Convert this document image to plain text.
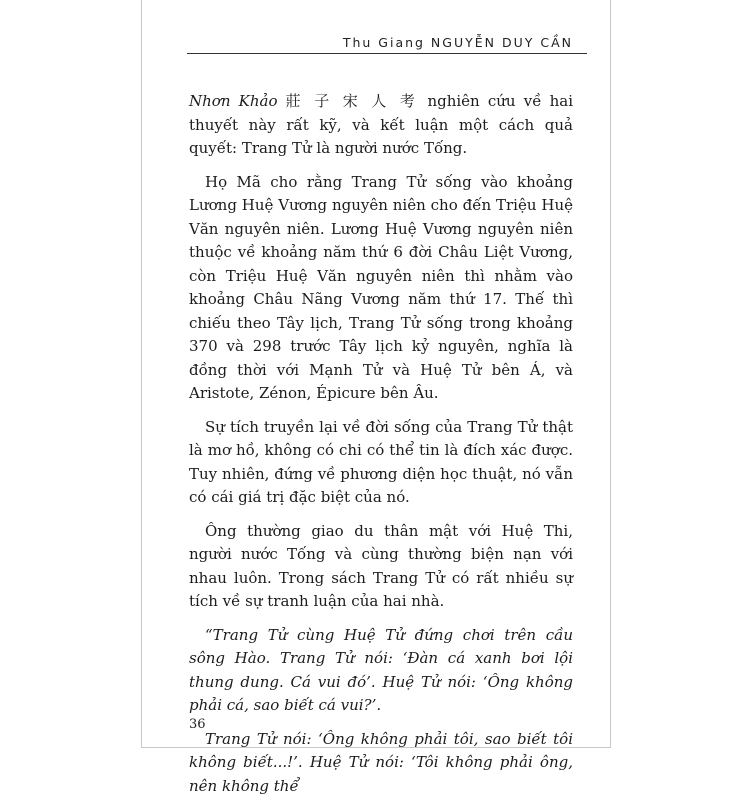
Thu Giang NGUYỄN DUY CẦN

Nhơn Khảo 莊 子 宋 人 考 nghiên cứu về hai thuyết này rất kỹ, và kết luận một cách quả quyết: Trang Tử là người nước Tống.

Họ Mã cho rằng Trang Tử sống vào khoảng Lương Huệ Vương nguyên niên cho đến Triệu Huệ Văn nguyên niên. Lương Huệ Vương nguyên niên thuộc về khoảng năm thứ 6 đời Châu Liệt Vương, còn Triệu Huệ Văn nguyên niên thì nhằm vào khoảng Châu Nãng Vương năm thứ 17. Thế thì chiếu theo Tây lịch, Trang Tử sống trong khoảng 370 và 298 trước Tây lịch kỷ nguyên, nghĩa là đồng thời với Mạnh Tử và Huệ Tử bên Á, và Aristote, Zénon, Épicure bên Âu.

Sự tích truyền lại về đời sống của Trang Tử thật là mơ hồ, không có chi có thể tin là đích xác được. Tuy nhiên, đứng về phương diện học thuật, nó vẫn có cái giá trị đặc biệt của nó.

Ông thường giao du thân mật với Huệ Thi, người nước Tống và cùng thường biện nạn với nhau luôn. Trong sách Trang Tử có rất nhiều sự tích về sự tranh luận của hai nhà.

“Trang Tử cùng Huệ Tử đứng chơi trên cầu sông Hào. Trang Tử nói: ‘Đàn cá xanh bơi lội thung dung. Cá vui đó’. Huệ Tử nói: ‘Ông không phải cá, sao biết cá vui?’.

Trang Tử nói: ‘Ông không phải tôi, sao biết tôi không biết...!’. Huệ Tử nói: ‘Tôi không phải ông, nên không thể

36
